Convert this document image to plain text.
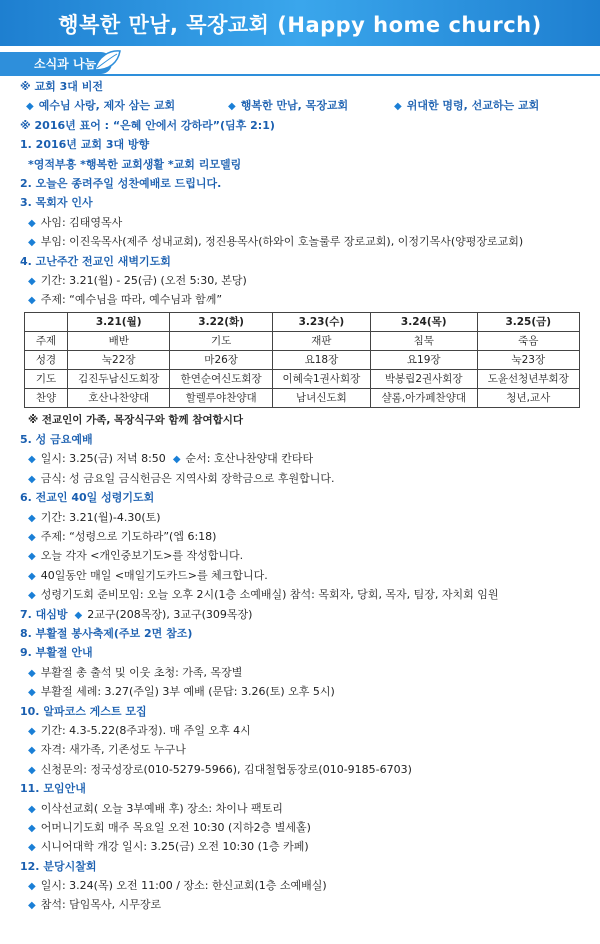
행복한 만남, 목장교회 (Happy home church)
소식과 나눔
※ 교회 3대 비전
◆ 예수님 사랑, 제자 삼는 교회	◆ 행복한 만남, 목장교회	◆ 위대한 명령, 선교하는 교회
※ 2016년 표어 : “은혜 안에서 강하라”(딤후 2:1)
1. 2016년 교회 3대 방향
*영적부흥 *행복한 교회생활 *교회 리모델링
2. 오늘은 종려주일 성찬예배로 드립니다.
3. 목회자 인사
◆ 사임: 김태영목사
◆ 부임: 이진욱목사(제주 성내교회), 정진용목사(하와이 호놀룰루 장로교회), 이정기목사(양평장로교회)
4. 고난주간 전교인 새벽기도회
◆ 기간: 3.21(월) - 25(금) (오전 5:30, 본당)
◆ 주제: “예수님을 따라, 예수님과 함께”
	3.21(월)	3.22(화)	3.23(수)	3.24(목)	3.25(금)
주제	배반	기도	재판	침묵	죽음
성경	눅22장	마26장	요18장	요19장	눅23장
기도	김진두남신도회장	한연순여신도회장	이혜숙1권사회장	박봉립2권사회장	도윤선청년부회장
찬양	호산나찬양대	할렐루야찬양대	남녀신도회	샬롬,아가페찬양대	청년,교사
※ 전교인이 가족, 목장식구와 함께 참여합시다
5. 성 금요예배
◆ 일시: 3.25(금) 저녁 8:50 ◆ 순서: 호산나찬양대 칸타타
◆ 금식: 성 금요일 금식헌금은 지역사회 장학금으로 후원합니다.
6. 전교인 40일 성령기도회
◆ 기간: 3.21(월)-4.30(토)
◆ 주제: “성령으로 기도하라”(엡 6:18)
◆ 오늘 각자 <개인중보기도>를 작성합니다.
◆ 40일동안 매일 <매일기도카드>를 체크합니다.
◆ 성령기도회 준비모임: 오늘 오후 2시(1층 소예배실) 참석: 목회자, 당회, 목자, 팀장, 자치회 임원
7. 대심방 ◆ 2교구(208목장), 3교구(309목장)
8. 부활절 봉사축제(주보 2면 참조)
9. 부활절 안내
◆ 부활절 총 출석 및 이웃 초청: 가족, 목장별
◆ 부활절 세례: 3.27(주일) 3부 예배 (문답: 3.26(토) 오후 5시)
10. 알파코스 게스트 모집
◆ 기간: 4.3-5.22(8주과정). 매 주일 오후 4시
◆ 자격: 새가족, 기존성도 누구나
◆ 신청문의: 정국성장로(010-5279-5966), 김대철협동장로(010-9185-6703)
11. 모임안내
◆ 이삭선교회( 오늘 3부예배 후) 장소: 차이나 팩토리
◆ 어머니기도회 매주 목요일 오전 10:30 (지하2층 별세홀)
◆ 시니어대학 개강 일시: 3.25(금) 오전 10:30 (1층 카페)
12. 분당시찰회
◆ 일시: 3.24(목) 오전 11:00 / 장소: 한신교회(1층 소예배실)
◆ 참석: 담임목사, 시무장로
